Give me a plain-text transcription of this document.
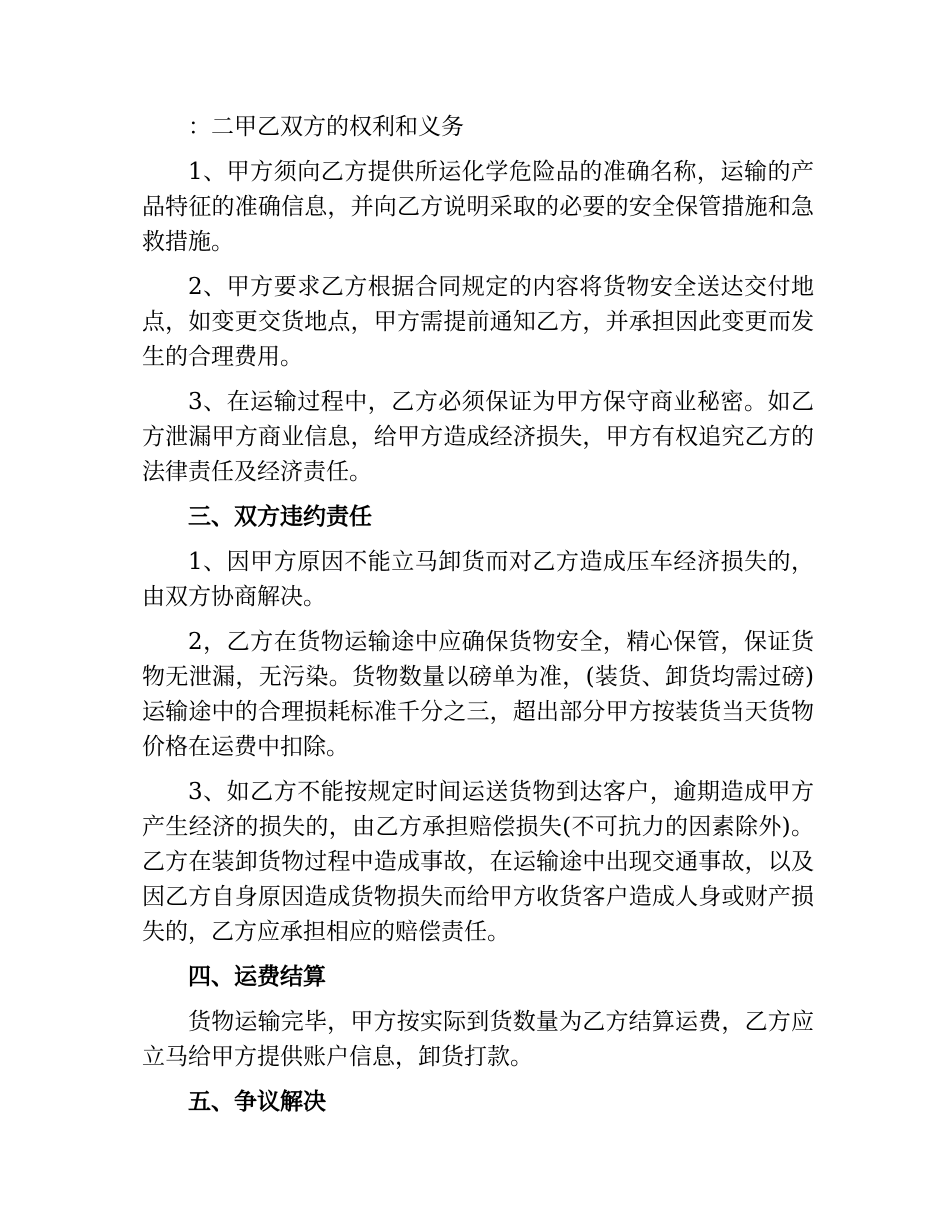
：二甲乙双方的权利和义务

1、甲方须向乙方提供所运化学危险品的准确名称，运输的产品特征的准确信息，并向乙方说明采取的必要的安全保管措施和急救措施。

2、甲方要求乙方根据合同规定的内容将货物安全送达交付地点，如变更交货地点，甲方需提前通知乙方，并承担因此变更而发生的合理费用。

3、在运输过程中，乙方必须保证为甲方保守商业秘密。如乙方泄漏甲方商业信息，给甲方造成经济损失，甲方有权追究乙方的法律责任及经济责任。

三、双方违约责任

1、因甲方原因不能立马卸货而对乙方造成压车经济损失的，由双方协商解决。

2，乙方在货物运输途中应确保货物安全，精心保管，保证货物无泄漏，无污染。货物数量以磅单为准，(装货、卸货均需过磅)运输途中的合理损耗标准千分之三，超出部分甲方按装货当天货物价格在运费中扣除。

3、如乙方不能按规定时间运送货物到达客户，逾期造成甲方产生经济的损失的，由乙方承担赔偿损失(不可抗力的因素除外)。乙方在装卸货物过程中造成事故，在运输途中出现交通事故，以及因乙方自身原因造成货物损失而给甲方收货客户造成人身或财产损失的，乙方应承担相应的赔偿责任。

四、运费结算

货物运输完毕，甲方按实际到货数量为乙方结算运费，乙方应立马给甲方提供账户信息，卸货打款。

五、争议解决
